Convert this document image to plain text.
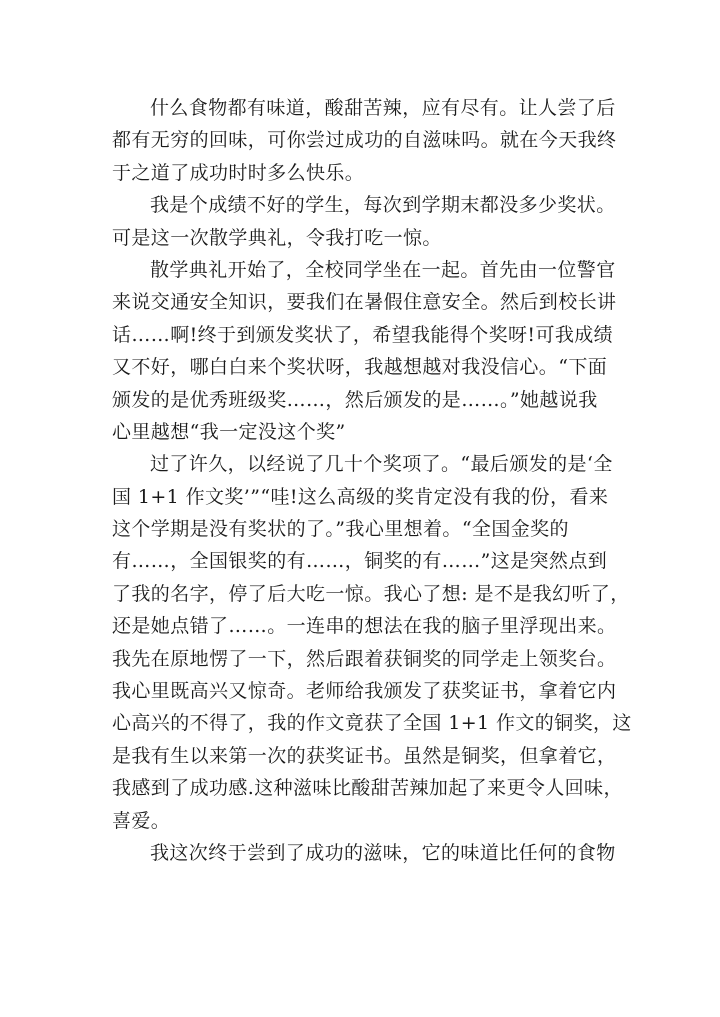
什么食物都有味道，酸甜苦辣，应有尽有。让人尝了后
都有无穷的回味，可你尝过成功的自滋味吗。就在今天我终
于之道了成功时时多么快乐。
我是个成绩不好的学生，每次到学期末都没多少奖状。
可是这一次散学典礼，令我打吃一惊。
散学典礼开始了，全校同学坐在一起。首先由一位警官
来说交通安全知识，要我们在暑假住意安全。然后到校长讲
话……啊!终于到颁发奖状了，希望我能得个奖呀!可我成绩
又不好，哪白白来个奖状呀，我越想越对我没信心。“下面
颁发的是优秀班级奖……，然后颁发的是……。”她越说我
心里越想“我一定没这个奖”
过了许久，以经说了几十个奖项了。“最后颁发的是‘全
国 1+1 作文奖’”“哇!这么高级的奖肯定没有我的份，看来
这个学期是没有奖状的了。”我心里想着。“全国金奖的
有……，全国银奖的有……，铜奖的有……”这是突然点到
了我的名字，停了后大吃一惊。我心了想: 是不是我幻听了，
还是她点错了……。一连串的想法在我的脑子里浮现出来。
我先在原地愣了一下，然后跟着获铜奖的同学走上领奖台。
我心里既高兴又惊奇。老师给我颁发了获奖证书，拿着它内
心高兴的不得了，我的作文竟获了全国 1+1 作文的铜奖，这
是我有生以来第一次的获奖证书。虽然是铜奖，但拿着它，
我感到了成功感.这种滋味比酸甜苦辣加起了来更令人回味，
喜爱。
我这次终于尝到了成功的滋味，它的味道比任何的食物
